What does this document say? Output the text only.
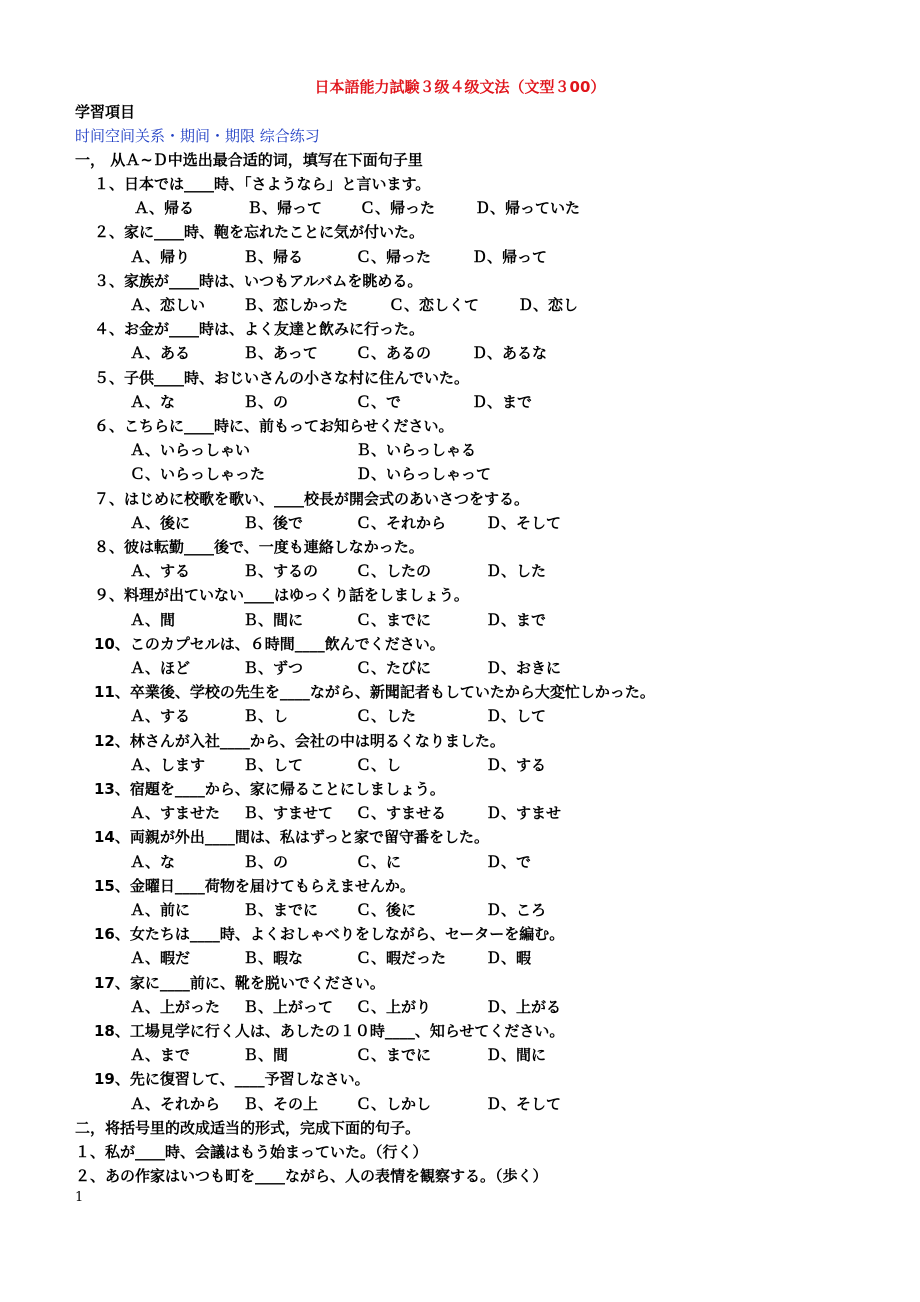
日本語能力試験３级４级文法（文型３00）
学習項目
时间空间关系・期间・期限 综合练习
一， 从Ａ~Ｄ中选出最合适的词，填写在下面句子里
１、日本では____時、「さようなら」と言います。
Ａ、帰る	Ｂ、帰って	Ｃ、帰った	Ｄ、帰っていた
２、家に____時、鞄を忘れたことに気が付いた。
Ａ、帰り	Ｂ、帰る	Ｃ、帰った	Ｄ、帰って
３、家族が____時は、いつもアルバムを眺める。
Ａ、恋しい	Ｂ、恋しかった	Ｃ、恋しくて	Ｄ、恋し
４、お金が____時は、よく友達と飲みに行った。
Ａ、ある	Ｂ、あって	Ｃ、あるの	Ｄ、あるな
５、子供____時、おじいさんの小さな村に住んでいた。
Ａ、な	Ｂ、の	Ｃ、で	Ｄ、まで
６、こちらに____時に、前もってお知らせください。
Ａ、いらっしゃい	Ｂ、いらっしゃる
Ｃ、いらっしゃった	Ｄ、いらっしゃって
７、はじめに校歌を歌い、____校長が開会式のあいさつをする。
Ａ、後に	Ｂ、後で	Ｃ、それから	Ｄ、そして
８、彼は転勤____後で、一度も連絡しなかった。
Ａ、する	Ｂ、するの	Ｃ、したの	Ｄ、した
９、料理が出ていない____はゆっくり話をしましょう。
Ａ、間	Ｂ、間に	Ｃ、までに	Ｄ、まで
10、このカプセルは、６時間____飲んでください。
Ａ、ほど	Ｂ、ずつ	Ｃ、たびに	Ｄ、おきに
11、卒業後、学校の先生を____ながら、新聞記者もしていたから大変忙しかった。
Ａ、する	Ｂ、し	Ｃ、した	Ｄ、して
12、林さんが入社____から、会社の中は明るくなりました。
Ａ、します	Ｂ、して	Ｃ、し	Ｄ、する
13、宿題を____から、家に帰ることにしましょう。
Ａ、すませた Ｂ、すませて Ｃ、すませる	Ｄ、すませ
14、両親が外出____間は、私はずっと家で留守番をした。
Ａ、な	Ｂ、の	Ｃ、に	Ｄ、で
15、金曜日____荷物を届けてもらえませんか。
Ａ、前に	Ｂ、までに	Ｃ、後に	Ｄ、ころ
16、女たちは____時、よくおしゃべりをしながら、セーターを編む。
Ａ、暇だ	Ｂ、暇な	Ｃ、暇だった	Ｄ、暇
17、家に____前に、靴を脱いでください。
Ａ、上がった Ｂ、上がって Ｃ、上がり	Ｄ、上がる
18、工場見学に行く人は、あしたの１０時____、知らせてください。
Ａ、まで	Ｂ、間	Ｃ、までに	Ｄ、間に
19、先に復習して、____予習しなさい。
Ａ、それから Ｂ、その上	Ｃ、しかし	Ｄ、そして
二，将括号里的改成适当的形式，完成下面的句子。
１、私が____時、会議はもう始まっていた。（行く）
２、あの作家はいつも町を____ながら、人の表情を観察する。（歩く）
1
